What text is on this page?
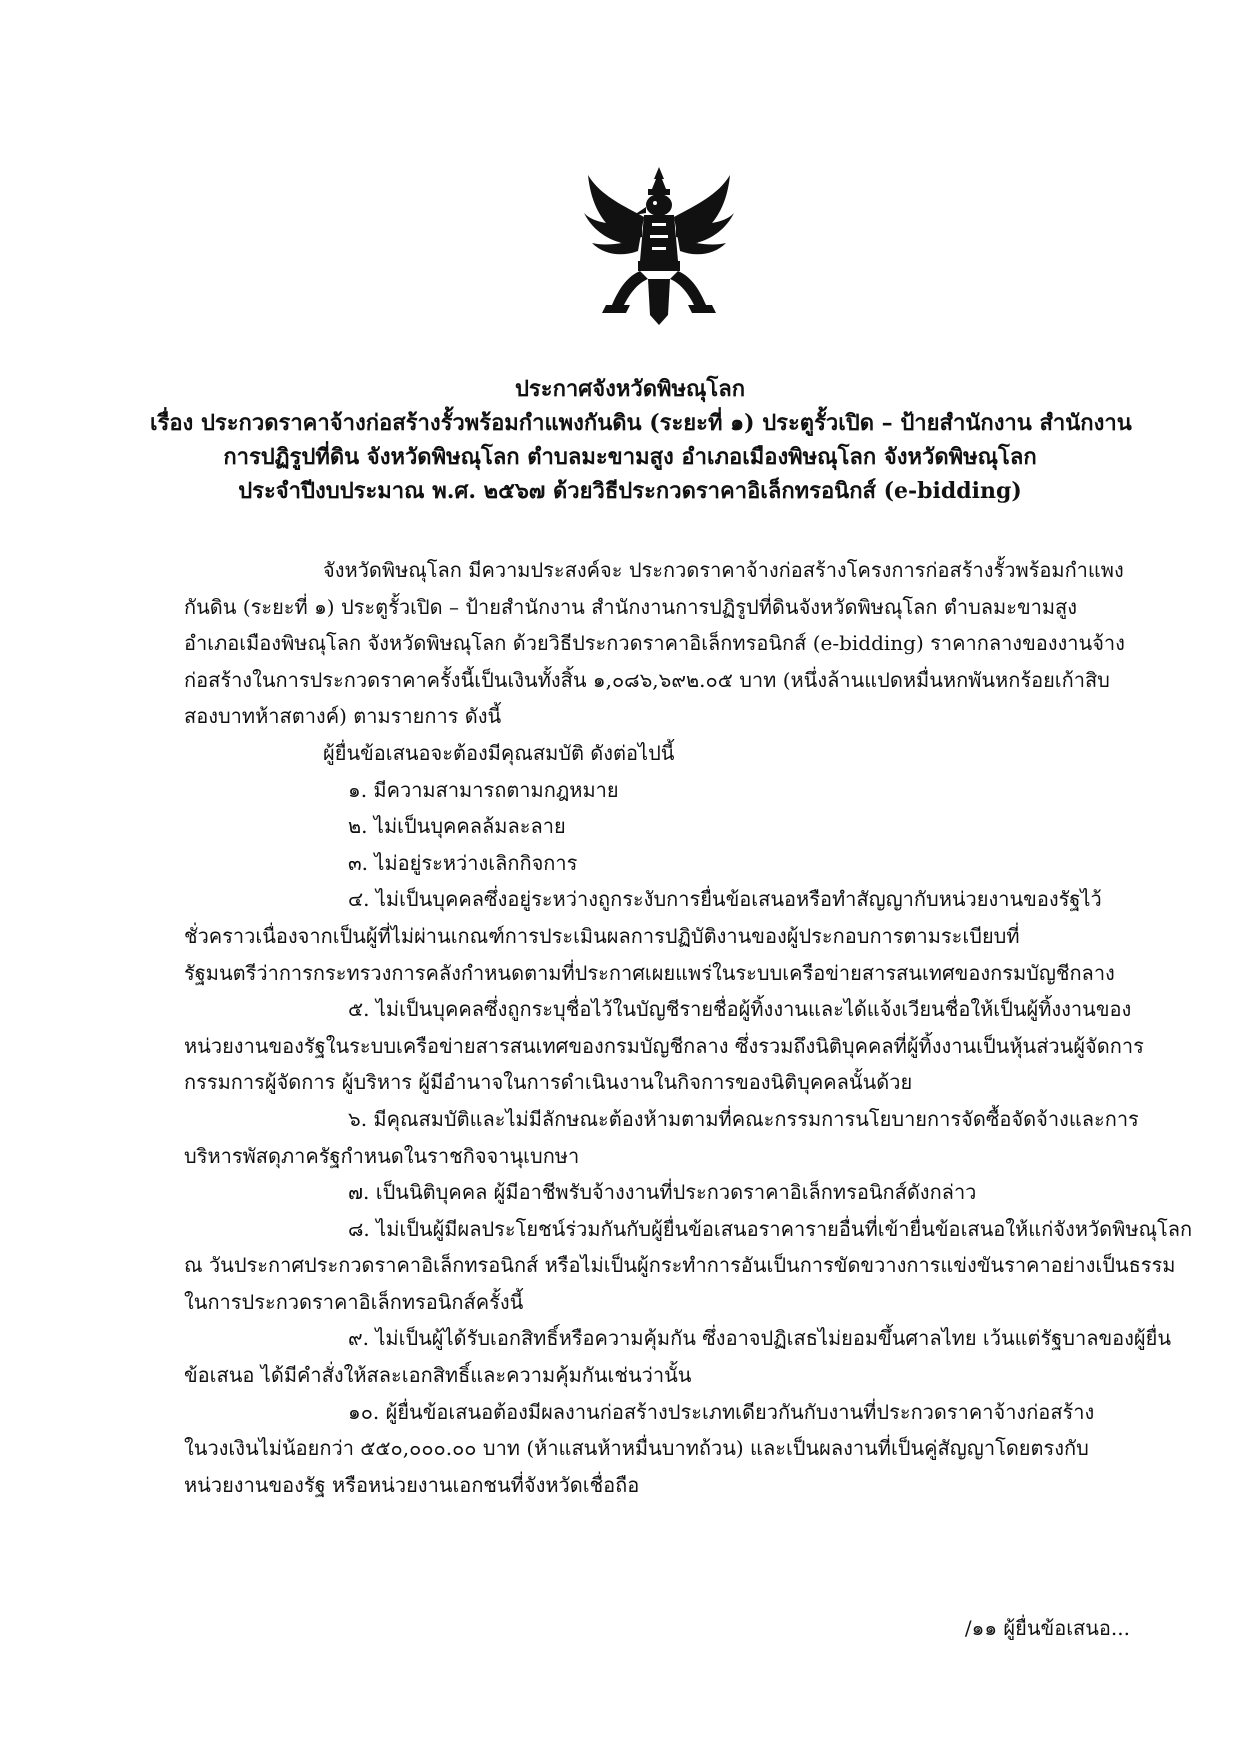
ประกาศจังหวัดพิษณุโลก
เรื่อง ประกวดราคาจ้างก่อสร้างรั้วพร้อมกำแพงกันดิน (ระยะที่ ๑) ประตูรั้วเปิด – ป้ายสำนักงาน สำนักงาน
การปฏิรูปที่ดิน จังหวัดพิษณุโลก ตำบลมะขามสูง อำเภอเมืองพิษณุโลก จังหวัดพิษณุโลก
ประจำปีงบประมาณ พ.ศ. ๒๕๖๗ ด้วยวิธีประกวดราคาอิเล็กทรอนิกส์ (e-bidding)
จังหวัดพิษณุโลก มีความประสงค์จะ ประกวดราคาจ้างก่อสร้างโครงการก่อสร้างรั้วพร้อมกำแพง
กันดิน (ระยะที่ ๑) ประตูรั้วเปิด – ป้ายสำนักงาน สำนักงานการปฏิรูปที่ดินจังหวัดพิษณุโลก ตำบลมะขามสูง
อำเภอเมืองพิษณุโลก จังหวัดพิษณุโลก ด้วยวิธีประกวดราคาอิเล็กทรอนิกส์ (e-bidding) ราคากลางของงานจ้าง
ก่อสร้างในการประกวดราคาครั้งนี้เป็นเงินทั้งสิ้น ๑,๐๘๖,๖๙๒.๐๕ บาท (หนึ่งล้านแปดหมื่นหกพันหกร้อยเก้าสิบ
สองบาทห้าสตางค์) ตามรายการ ดังนี้
ผู้ยื่นข้อเสนอจะต้องมีคุณสมบัติ ดังต่อไปนี้
๑. มีความสามารถตามกฎหมาย
๒. ไม่เป็นบุคคลล้มละลาย
๓. ไม่อยู่ระหว่างเลิกกิจการ
๔. ไม่เป็นบุคคลซึ่งอยู่ระหว่างถูกระงับการยื่นข้อเสนอหรือทำสัญญากับหน่วยงานของรัฐไว้
ชั่วคราวเนื่องจากเป็นผู้ที่ไม่ผ่านเกณฑ์การประเมินผลการปฏิบัติงานของผู้ประกอบการตามระเบียบที่
รัฐมนตรีว่าการกระทรวงการคลังกำหนดตามที่ประกาศเผยแพร่ในระบบเครือข่ายสารสนเทศของกรมบัญชีกลาง
๕. ไม่เป็นบุคคลซึ่งถูกระบุชื่อไว้ในบัญชีรายชื่อผู้ทิ้งงานและได้แจ้งเวียนชื่อให้เป็นผู้ทิ้งงานของ
หน่วยงานของรัฐในระบบเครือข่ายสารสนเทศของกรมบัญชีกลาง ซึ่งรวมถึงนิติบุคคลที่ผู้ทิ้งงานเป็นหุ้นส่วนผู้จัดการ
กรรมการผู้จัดการ ผู้บริหาร ผู้มีอำนาจในการดำเนินงานในกิจการของนิติบุคคลนั้นด้วย
๖. มีคุณสมบัติและไม่มีลักษณะต้องห้ามตามที่คณะกรรมการนโยบายการจัดซื้อจัดจ้างและการ
บริหารพัสดุภาครัฐกำหนดในราชกิจจานุเบกษา
๗. เป็นนิติบุคคล ผู้มีอาชีพรับจ้างงานที่ประกวดราคาอิเล็กทรอนิกส์ดังกล่าว
๘. ไม่เป็นผู้มีผลประโยชน์ร่วมกันกับผู้ยื่นข้อเสนอราคารายอื่นที่เข้ายื่นข้อเสนอให้แก่จังหวัดพิษณุโลก
ณ วันประกาศประกวดราคาอิเล็กทรอนิกส์ หรือไม่เป็นผู้กระทำการอันเป็นการขัดขวางการแข่งขันราคาอย่างเป็นธรรม
ในการประกวดราคาอิเล็กทรอนิกส์ครั้งนี้
๙. ไม่เป็นผู้ได้รับเอกสิทธิ์หรือความคุ้มกัน ซึ่งอาจปฏิเสธไม่ยอมขึ้นศาลไทย เว้นแต่รัฐบาลของผู้ยื่น
ข้อเสนอ ได้มีคำสั่งให้สละเอกสิทธิ์และความคุ้มกันเช่นว่านั้น
๑๐. ผู้ยื่นข้อเสนอต้องมีผลงานก่อสร้างประเภทเดียวกันกับงานที่ประกวดราคาจ้างก่อสร้าง
ในวงเงินไม่น้อยกว่า ๕๕๐,๐๐๐.๐๐ บาท (ห้าแสนห้าหมื่นบาทถ้วน) และเป็นผลงานที่เป็นคู่สัญญาโดยตรงกับ
หน่วยงานของรัฐ หรือหน่วยงานเอกชนที่จังหวัดเชื่อถือ
/๑๑ ผู้ยื่นข้อเสนอ...
